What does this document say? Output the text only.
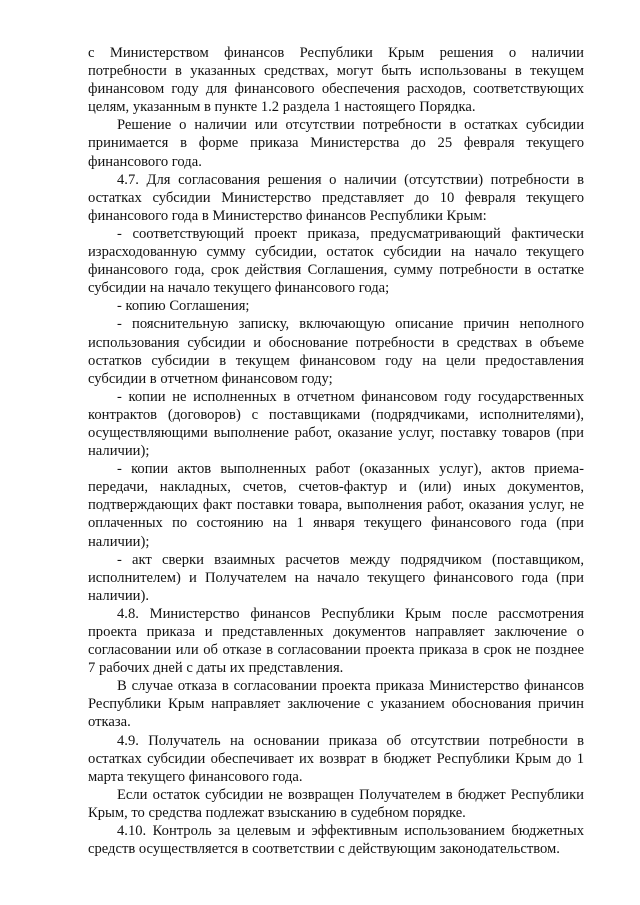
с Министерством финансов Республики Крым решения о наличии потребности в указанных средствах, могут быть использованы в текущем финансовом году для финансового обеспечения расходов, соответствующих целям, указанным в пункте 1.2 раздела 1 настоящего Порядка.

Решение о наличии или отсутствии потребности в остатках субсидии принимается в форме приказа Министерства до 25 февраля текущего финансового года.

4.7. Для согласования решения о наличии (отсутствии) потребности в остатках субсидии Министерство представляет до 10 февраля текущего финансового года в Министерство финансов Республики Крым:

- соответствующий проект приказа, предусматривающий фактически израсходованную сумму субсидии, остаток субсидии на начало текущего финансового года, срок действия Соглашения, сумму потребности в остатке субсидии на начало текущего финансового года;

- копию Соглашения;

- пояснительную записку, включающую описание причин неполного использования субсидии и обоснование потребности в средствах в объеме остатков субсидии в текущем финансовом году на цели предоставления субсидии в отчетном финансовом году;

- копии не исполненных в отчетном финансовом году государственных контрактов (договоров) с поставщиками (подрядчиками, исполнителями), осуществляющими выполнение работ, оказание услуг, поставку товаров (при наличии);

- копии актов выполненных работ (оказанных услуг), актов приема-передачи, накладных, счетов, счетов-фактур и (или) иных документов, подтверждающих факт поставки товара, выполнения работ, оказания услуг, не оплаченных по состоянию на 1 января текущего финансового года (при наличии);

- акт сверки взаимных расчетов между подрядчиком (поставщиком, исполнителем) и Получателем на начало текущего финансового года (при наличии).

4.8. Министерство финансов Республики Крым после рассмотрения проекта приказа и представленных документов направляет заключение о согласовании или об отказе в согласовании проекта приказа в срок не позднее 7 рабочих дней с даты их представления.

В случае отказа в согласовании проекта приказа Министерство финансов Республики Крым направляет заключение с указанием обоснования причин отказа.

4.9. Получатель на основании приказа об отсутствии потребности в остатках субсидии обеспечивает их возврат в бюджет Республики Крым до 1 марта текущего финансового года.

Если остаток субсидии не возвращен Получателем в бюджет Республики Крым, то средства подлежат взысканию в судебном порядке.

4.10. Контроль за целевым и эффективным использованием бюджетных средств осуществляется в соответствии с действующим законодательством.
